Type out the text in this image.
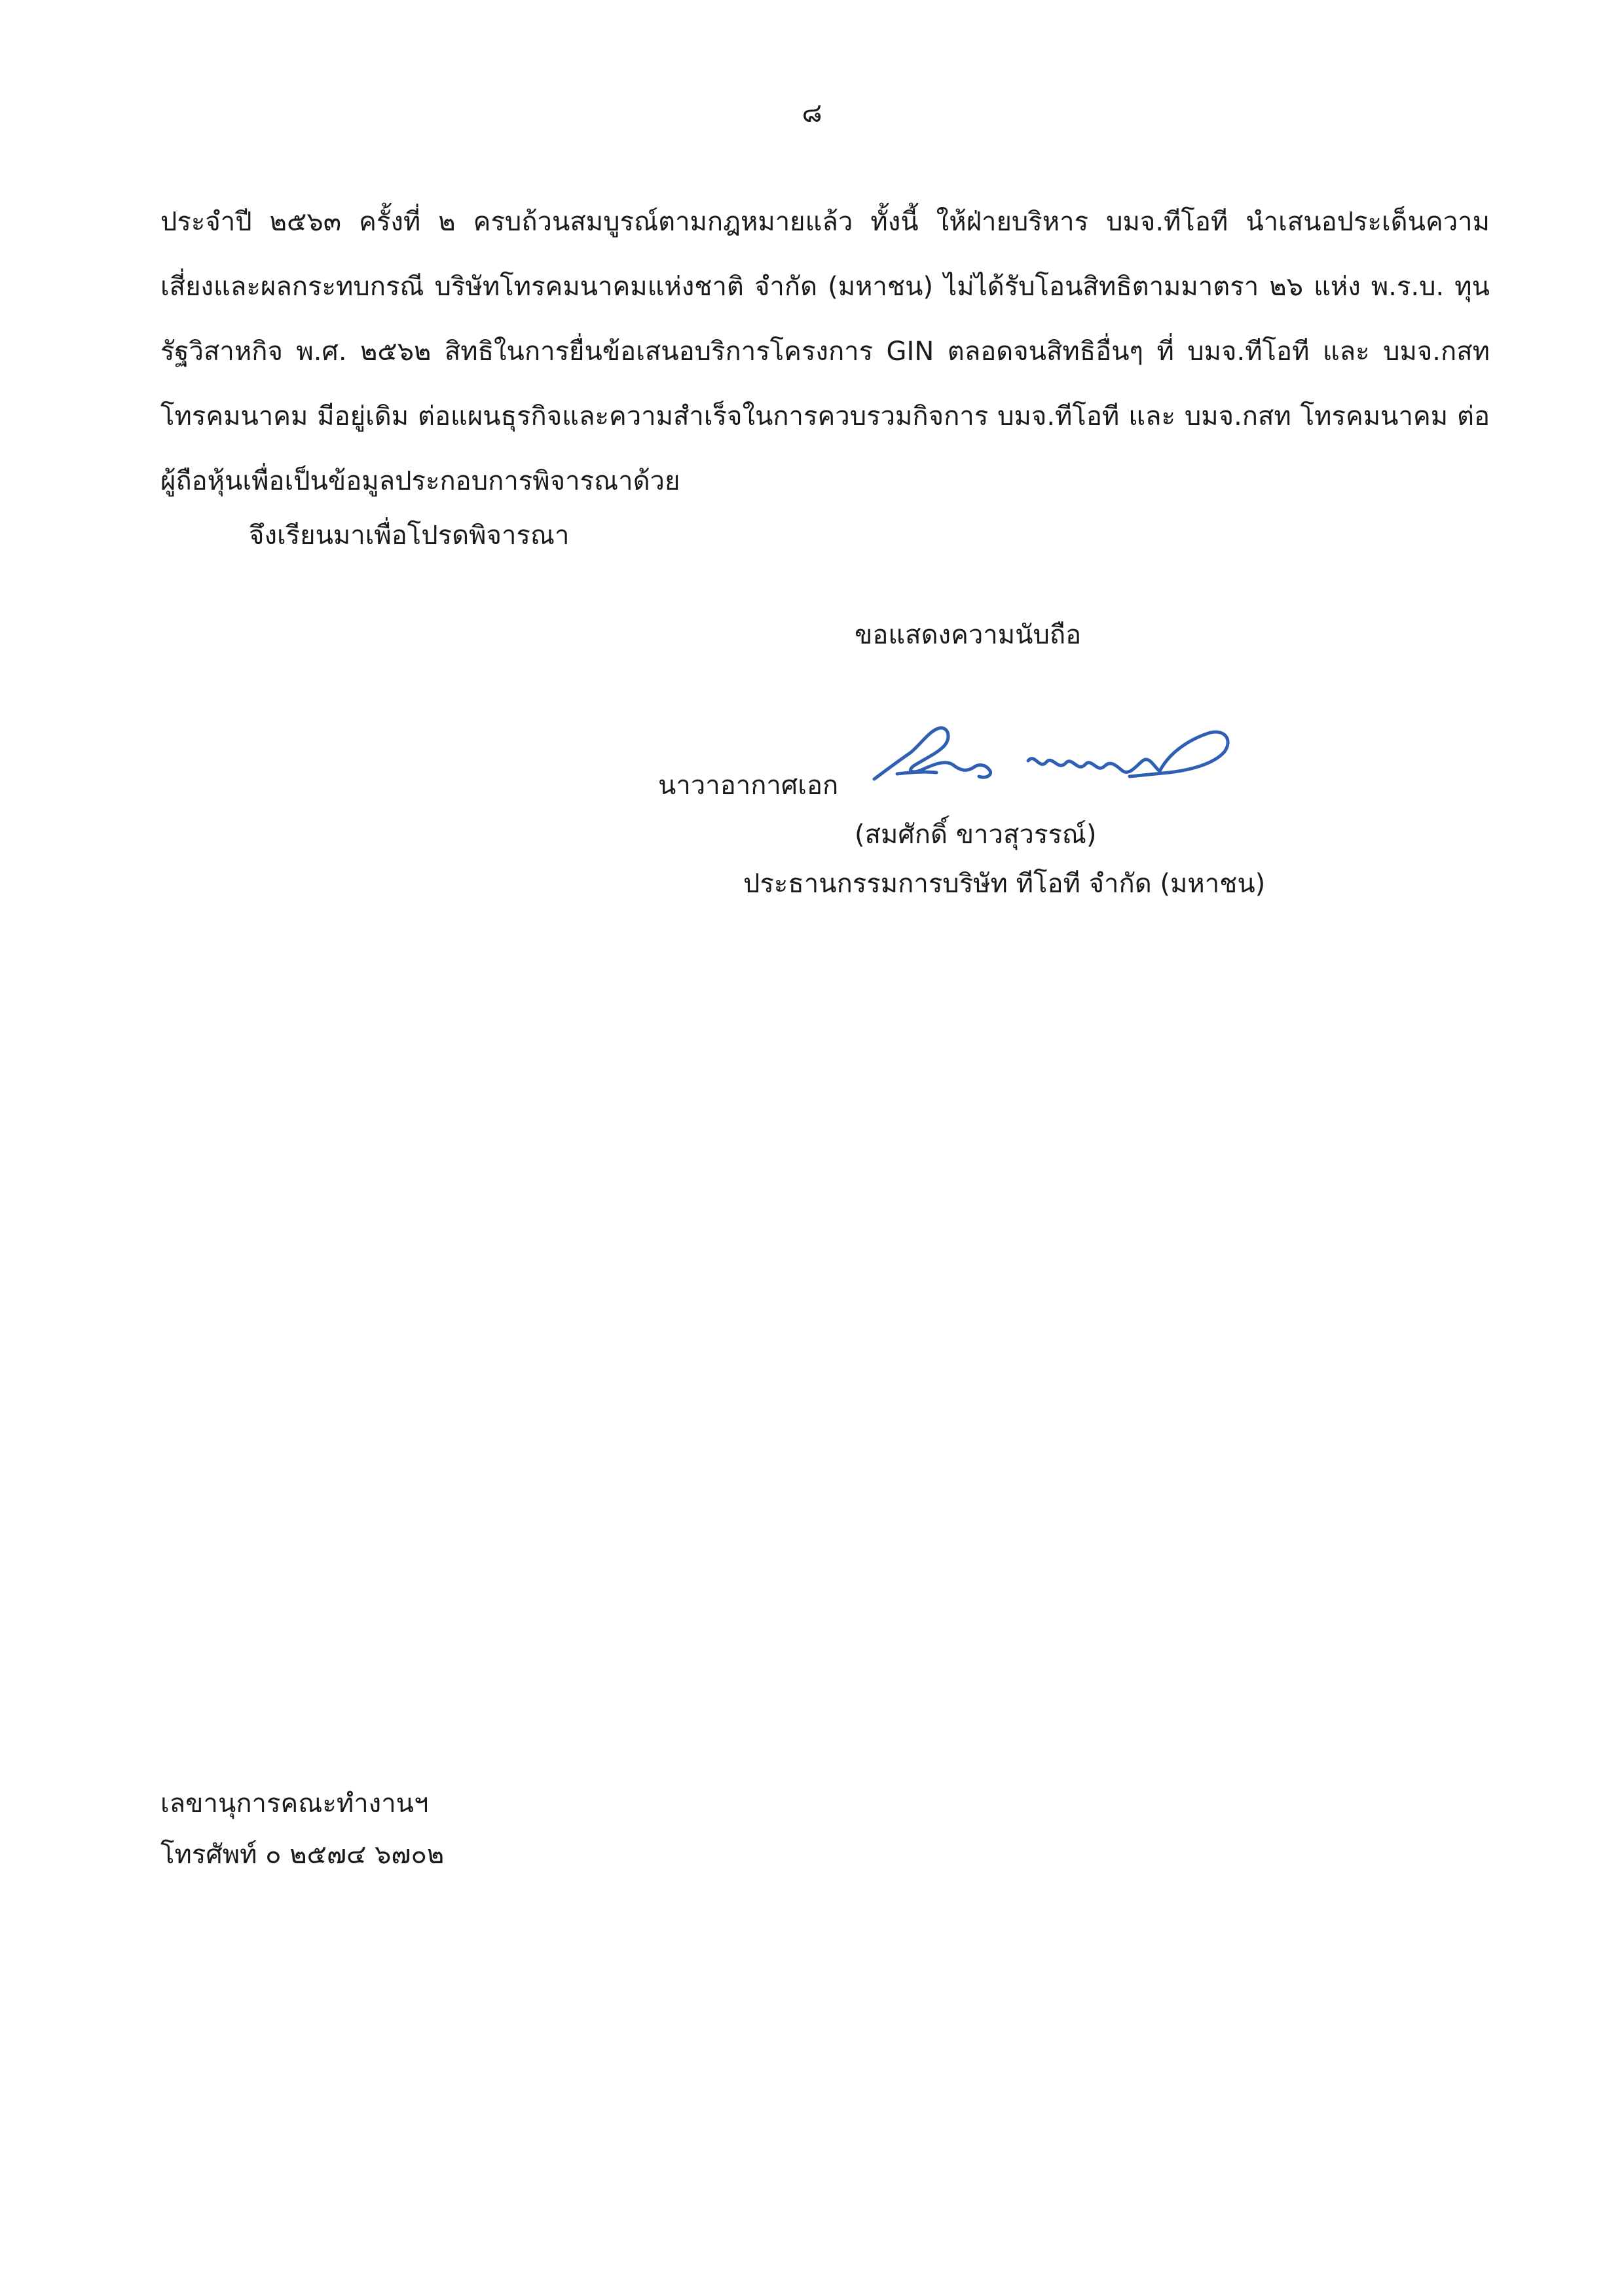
๘

ประจำปี ๒๕๖๓ ครั้งที่ ๒ ครบถ้วนสมบูรณ์ตามกฎหมายแล้ว ทั้งนี้ ให้ฝ่ายบริหาร บมจ.ทีโอที นำเสนอประเด็นความ
เสี่ยงและผลกระทบกรณี บริษัทโทรคมนาคมแห่งชาติ จำกัด (มหาชน) ไม่ได้รับโอนสิทธิตามมาตรา ๒๖ แห่ง พ.ร.บ. ทุน
รัฐวิสาหกิจ พ.ศ. ๒๕๖๒ สิทธิในการยื่นข้อเสนอบริการโครงการ GIN ตลอดจนสิทธิอื่นๆ ที่ บมจ.ทีโอที และ บมจ.กสท
โทรคมนาคม มีอยู่เดิม ต่อแผนธุรกิจและความสำเร็จในการควบรวมกิจการ บมจ.ทีโอที และ บมจ.กสท โทรคมนาคม ต่อ
ผู้ถือหุ้นเพื่อเป็นข้อมูลประกอบการพิจารณาด้วย

จึงเรียนมาเพื่อโปรดพิจารณา
ขอแสดงความนับถือ
นาวาอากาศเอก
(สมศักดิ์ ขาวสุวรรณ์)
ประธานกรรมการบริษัท ทีโอที จำกัด (มหาชน)
เลขานุการคณะทำงานฯ
โทรศัพท์ ๐ ๒๕๗๔ ๖๗๐๒
